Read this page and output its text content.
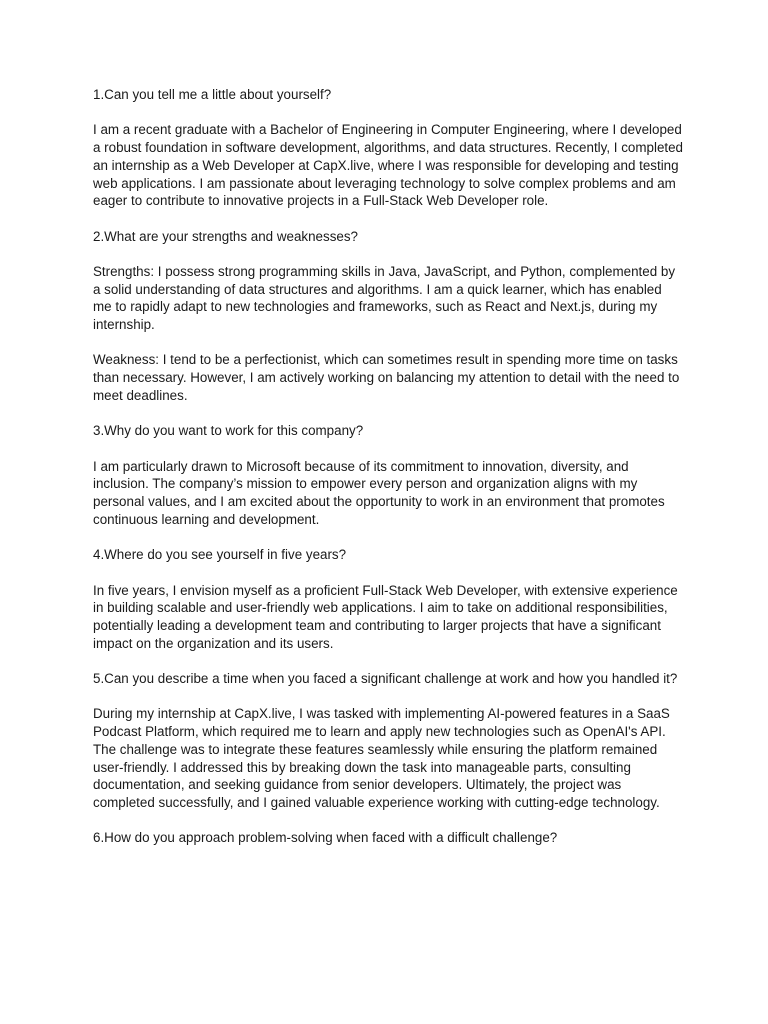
1.Can you tell me a little about yourself?

I am a recent graduate with a Bachelor of Engineering in Computer Engineering, where I developed a robust foundation in software development, algorithms, and data structures. Recently, I completed an internship as a Web Developer at CapX.live, where I was responsible for developing and testing web applications. I am passionate about leveraging technology to solve complex problems and am eager to contribute to innovative projects in a Full-Stack Web Developer role.

2.What are your strengths and weaknesses?

Strengths: I possess strong programming skills in Java, JavaScript, and Python, complemented by a solid understanding of data structures and algorithms. I am a quick learner, which has enabled me to rapidly adapt to new technologies and frameworks, such as React and Next.js, during my internship.

Weakness: I tend to be a perfectionist, which can sometimes result in spending more time on tasks than necessary. However, I am actively working on balancing my attention to detail with the need to meet deadlines.

3.Why do you want to work for this company?

I am particularly drawn to Microsoft because of its commitment to innovation, diversity, and inclusion. The company’s mission to empower every person and organization aligns with my personal values, and I am excited about the opportunity to work in an environment that promotes continuous learning and development.

4.Where do you see yourself in five years?

In five years, I envision myself as a proficient Full-Stack Web Developer, with extensive experience in building scalable and user-friendly web applications. I aim to take on additional responsibilities, potentially leading a development team and contributing to larger projects that have a significant impact on the organization and its users.

5.Can you describe a time when you faced a significant challenge at work and how you handled it?

During my internship at CapX.live, I was tasked with implementing AI-powered features in a SaaS Podcast Platform, which required me to learn and apply new technologies such as OpenAI's API. The challenge was to integrate these features seamlessly while ensuring the platform remained user-friendly. I addressed this by breaking down the task into manageable parts, consulting documentation, and seeking guidance from senior developers. Ultimately, the project was completed successfully, and I gained valuable experience working with cutting-edge technology.

6.How do you approach problem-solving when faced with a difficult challenge?
